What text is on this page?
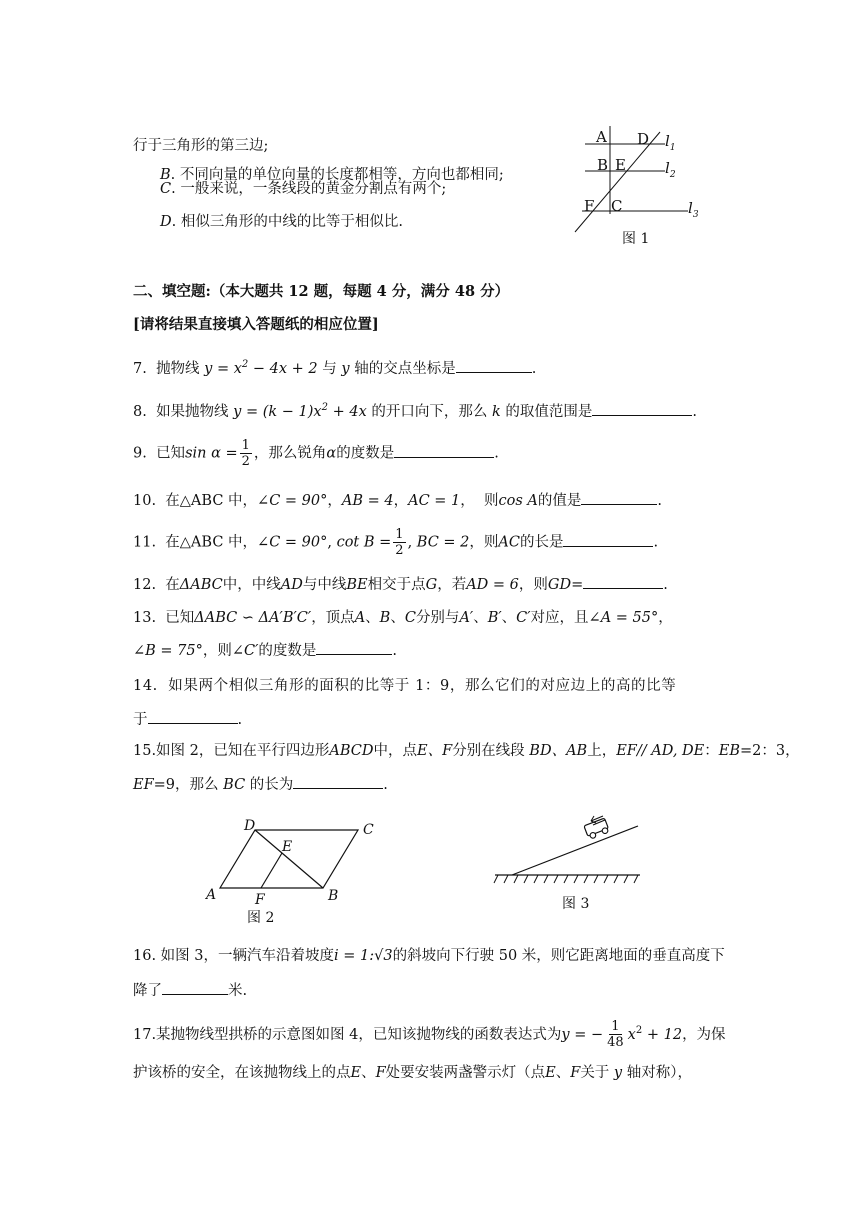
行于三角形的第三边;
B. 不同向量的单位向量的长度都相等，方向也都相同;
C. 一般来说，一条线段的黄金分割点有两个;
D. 相似三角形的中线的比等于相似比.
A D
B E
F C
$l_1$
$l_2$
$l_3$
图 1
二、填空题:（本大题共 12 题，每题 4 分，满分 48 分）
[请将结果直接填入答题纸的相应位置]
7. 抛物线 $y = x^2 - 4x + 2$ 与 y 轴的交点坐标是	.
8. 如果抛物线 $y = (k - 1)x^2 + 4x$ 的开口向下，那么 k 的取值范围是	.
9. 已知$\sin \alpha = \frac{1}{2}$ ，那么锐角α的度数是	.
10. 在△ABC 中，∠C = 90°，AB = 4，AC = 1，  则cos A的值是	.
11. 在△ABC 中，∠C = 90°, $\cot B = \frac{1}{2}$ , BC = 2，则AC的长是	.
12. 在ΔABC中，中线AD与中线BE相交于点G，若AD = 6，则GD=	.
13. 已知ΔABC ∽ ΔA′B′C′，顶点A、B、C分别与A′、B′、C′对应，且∠A = 55°，
∠B = 75°，则∠C′的度数是	.
14. 如果两个相似三角形的面积的比等于 1：9，那么它们的对应边上的高的比等
于	.
15.如图 2，已知在平行四边形ABCD中，点E、F分别在线段 BD、AB上，EF// AD, DE：EB=2：3，
EF=9，那么 BC 的长为	.
D	C
E
A	F	B
图 2
图 3
16. 如图 3，一辆汽车沿着坡度i = 1:√3的斜坡向下行驶 50 米，则它距离地面的垂直高度下
降了	米.
17.某抛物线型拱桥的示意图如图 4，已知该抛物线的函数表达式为y = − $\frac{1}{48} x^2 + 12$，为保
护该桥的安全，在该抛物线上的点E、F处要安装两盏警示灯（点E、F关于 y 轴对称），
